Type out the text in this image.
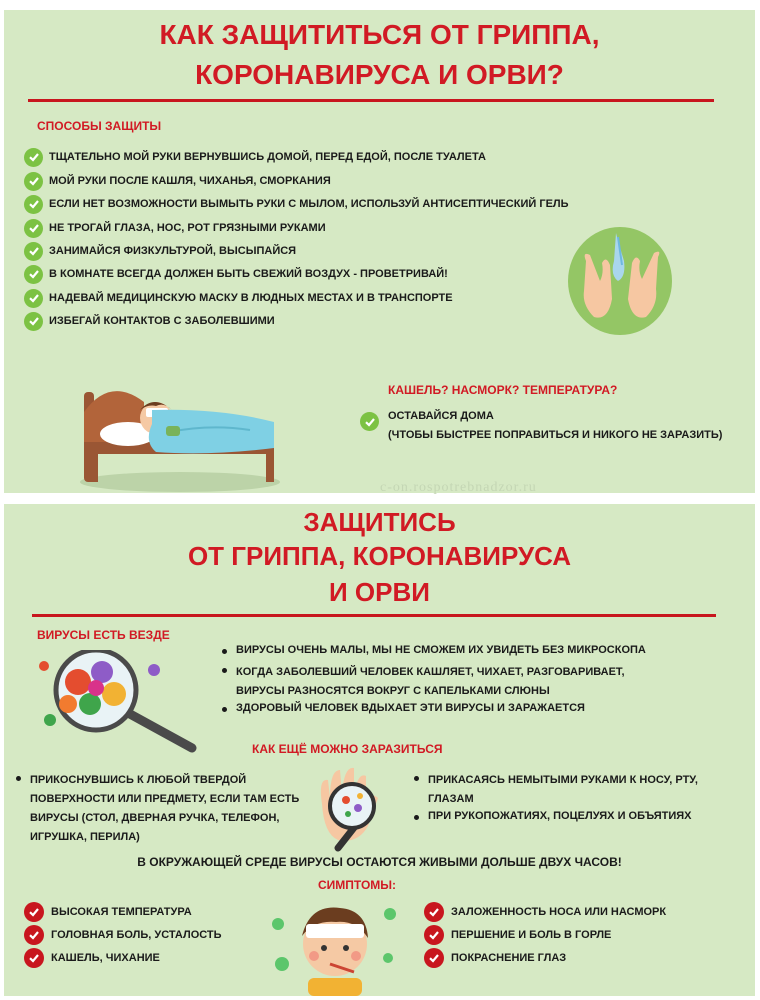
КАК ЗАЩИТИТЬСЯ ОТ ГРИППА,
КОРОНАВИРУСА И ОРВИ?
СПОСОБЫ ЗАЩИТЫ
ТЩАТЕЛЬНО МОЙ РУКИ ВЕРНУВШИСЬ ДОМОЙ, ПЕРЕД ЕДОЙ, ПОСЛЕ ТУАЛЕТА
МОЙ РУКИ ПОСЛЕ КАШЛЯ, ЧИХАНЬЯ, СМОРКАНИЯ
ЕСЛИ НЕТ ВОЗМОЖНОСТИ ВЫМЫТЬ РУКИ С МЫЛОМ, ИСПОЛЬЗУЙ АНТИСЕПТИЧЕСКИЙ ГЕЛЬ
НЕ ТРОГАЙ ГЛАЗА, НОС, РОТ ГРЯЗНЫМИ РУКАМИ
ЗАНИМАЙСЯ ФИЗКУЛЬТУРОЙ, ВЫСЫПАЙСЯ
В КОМНАТЕ ВСЕГДА ДОЛЖЕН БЫТЬ СВЕЖИЙ ВОЗДУХ - ПРОВЕТРИВАЙ!
НАДЕВАЙ МЕДИЦИНСКУЮ МАСКУ В ЛЮДНЫХ МЕСТАХ И В ТРАНСПОРТЕ
ИЗБЕГАЙ КОНТАКТОВ С ЗАБОЛЕВШИМИ
КАШЕЛЬ? НАСМОРК? ТЕМПЕРАТУРА?
ОСТАВАЙСЯ ДОМА
(ЧТОБЫ БЫСТРЕЕ ПОПРАВИТЬСЯ И НИКОГО НЕ ЗАРАЗИТЬ)
c-on.rospotrebnadzor.ru
ЗАЩИТИСЬ
ОТ ГРИППА, КОРОНАВИРУСА
И ОРВИ
ВИРУСЫ ЕСТЬ ВЕЗДЕ
ВИРУСЫ ОЧЕНЬ МАЛЫ, МЫ НЕ СМОЖЕМ ИХ УВИДЕТЬ БЕЗ МИКРОСКОПА
КОГДА ЗАБОЛЕВШИЙ ЧЕЛОВЕК КАШЛЯЕТ, ЧИХАЕТ, РАЗГОВАРИВАЕТ,
ВИРУСЫ РАЗНОСЯТСЯ ВОКРУГ С КАПЕЛЬКАМИ СЛЮНЫ
ЗДОРОВЫЙ ЧЕЛОВЕК ВДЫХАЕТ ЭТИ ВИРУСЫ И ЗАРАЖАЕТСЯ
КАК ЕЩЁ МОЖНО ЗАРАЗИТЬСЯ
ПРИКОСНУВШИСЬ К ЛЮБОЙ ТВЕРДОЙ
ПОВЕРХНОСТИ ИЛИ ПРЕДМЕТУ, ЕСЛИ ТАМ ЕСТЬ
ВИРУСЫ (СТОЛ, ДВЕРНАЯ РУЧКА, ТЕЛЕФОН,
ИГРУШКА, ПЕРИЛА)
ПРИКАСАЯСЬ НЕМЫТЫМИ РУКАМИ К НОСУ, РТУ,
ГЛАЗАМ
ПРИ РУКОПОЖАТИЯХ, ПОЦЕЛУЯХ И ОБЪЯТИЯХ
В ОКРУЖАЮЩЕЙ СРЕДЕ ВИРУСЫ ОСТАЮТСЯ ЖИВЫМИ ДОЛЬШЕ ДВУХ ЧАСОВ!
СИМПТОМЫ:
ВЫСОКАЯ ТЕМПЕРАТУРА
ГОЛОВНАЯ БОЛЬ, УСТАЛОСТЬ
КАШЕЛЬ, ЧИХАНИЕ
ЗАЛОЖЕННОСТЬ НОСА ИЛИ НАСМОРК
ПЕРШЕНИЕ И БОЛЬ В ГОРЛЕ
ПОКРАСНЕНИЕ ГЛАЗ
